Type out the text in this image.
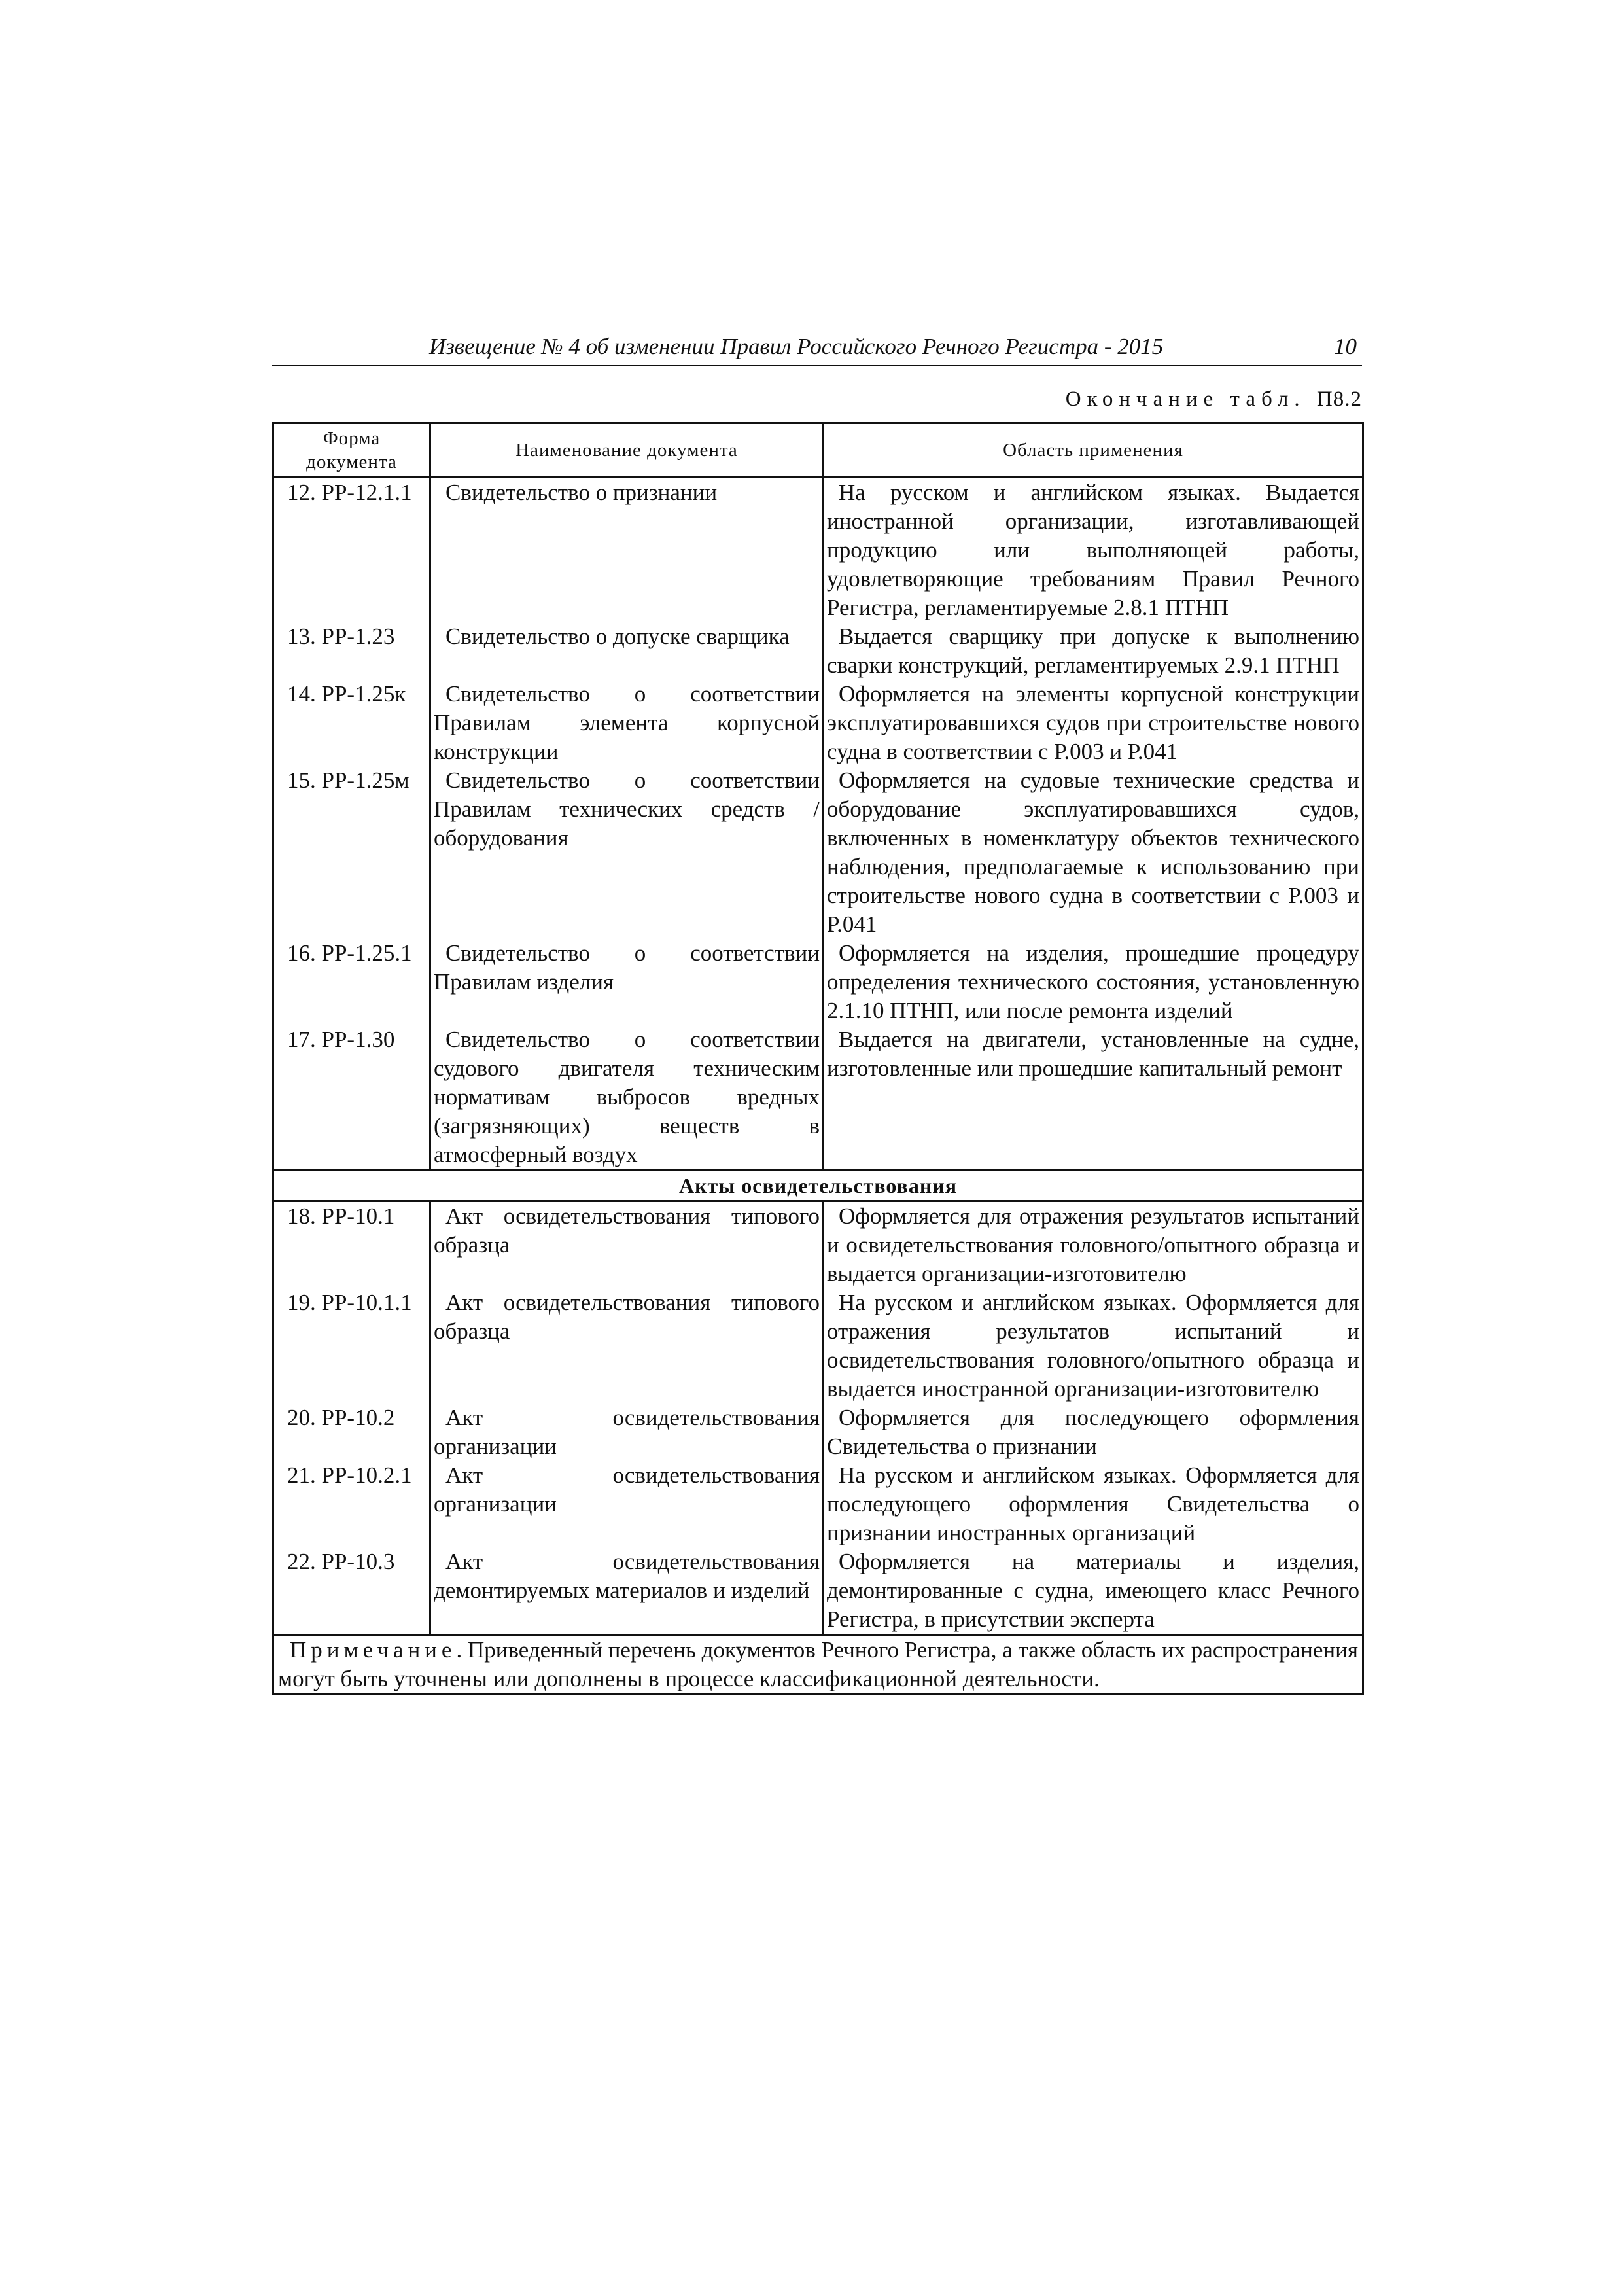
Извещение № 4 об изменении Правил Российского Речного Регистра - 2015	10
Окончание табл. П8.2
Форма
документа	Наименование документа	Область применения
12. РР-12.1.1	Свидетельство о признании	На русском и английском языках. Выдается иностранной организации, изготавливающей продукцию или выполняющей работы, удовлетворяющие требованиям Правил Речного Регистра, регламентируемые 2.8.1 ПТНП
13. РР-1.23	Свидетельство о допуске сварщика	Выдается сварщику при допуске к выполнению сварки конструкций, регламентируемых 2.9.1 ПТНП
14. РР-1.25к	Свидетельство о соответствии Правилам элемента корпусной конструкции	Оформляется на элементы корпусной конструкции эксплуатировавшихся судов при строительстве нового судна в соответствии с Р.003 и Р.041
15. РР-1.25м	Свидетельство о соответствии Правилам технических средств / оборудования	Оформляется на судовые технические средства и оборудование эксплуатировавшихся судов, включенных в номенклатуру объектов технического наблюдения, предполагаемые к использованию при строительстве нового судна в соответствии с Р.003 и Р.041
16. РР-1.25.1	Свидетельство о соответствии Правилам изделия	Оформляется на изделия, прошедшие процедуру определения технического состояния, установленную 2.1.10 ПТНП, или после ремонта изделий
17. РР-1.30	Свидетельство о соответствии судового двигателя техническим нормативам выбросов вредных (загрязняющих) веществ в атмосферный воздух	Выдается на двигатели, установленные на судне, изготовленные или прошедшие капитальный ремонт
Акты освидетельствования		
18. РР-10.1	Акт освидетельствования типового образца	Оформляется для отражения результатов испытаний и освидетельствования головного/опытного образца и выдается организации-изготовителю
19. РР-10.1.1	Акт освидетельствования типового образца	На русском и английском языках. Оформляется для отражения результатов испытаний и освидетельствования головного/опытного образца и выдается иностранной организации-изготовителю
20. РР-10.2	Акт освидетельствования организации	Оформляется для последующего оформления Свидетельства о признании
21. РР-10.2.1	Акт освидетельствования организации	На русском и английском языках. Оформляется для последующего оформления Свидетельства о признании иностранных организаций
22. РР-10.3	Акт освидетельствования демонтируемых материалов и изделий	Оформляется на материалы и изделия, демонтированные с судна, имеющего класс Речного Регистра, в присутствии эксперта
Примечание. Приведенный перечень документов Речного Регистра, а также область их распространения могут быть уточнены или дополнены в процессе классификационной деятельности.		
